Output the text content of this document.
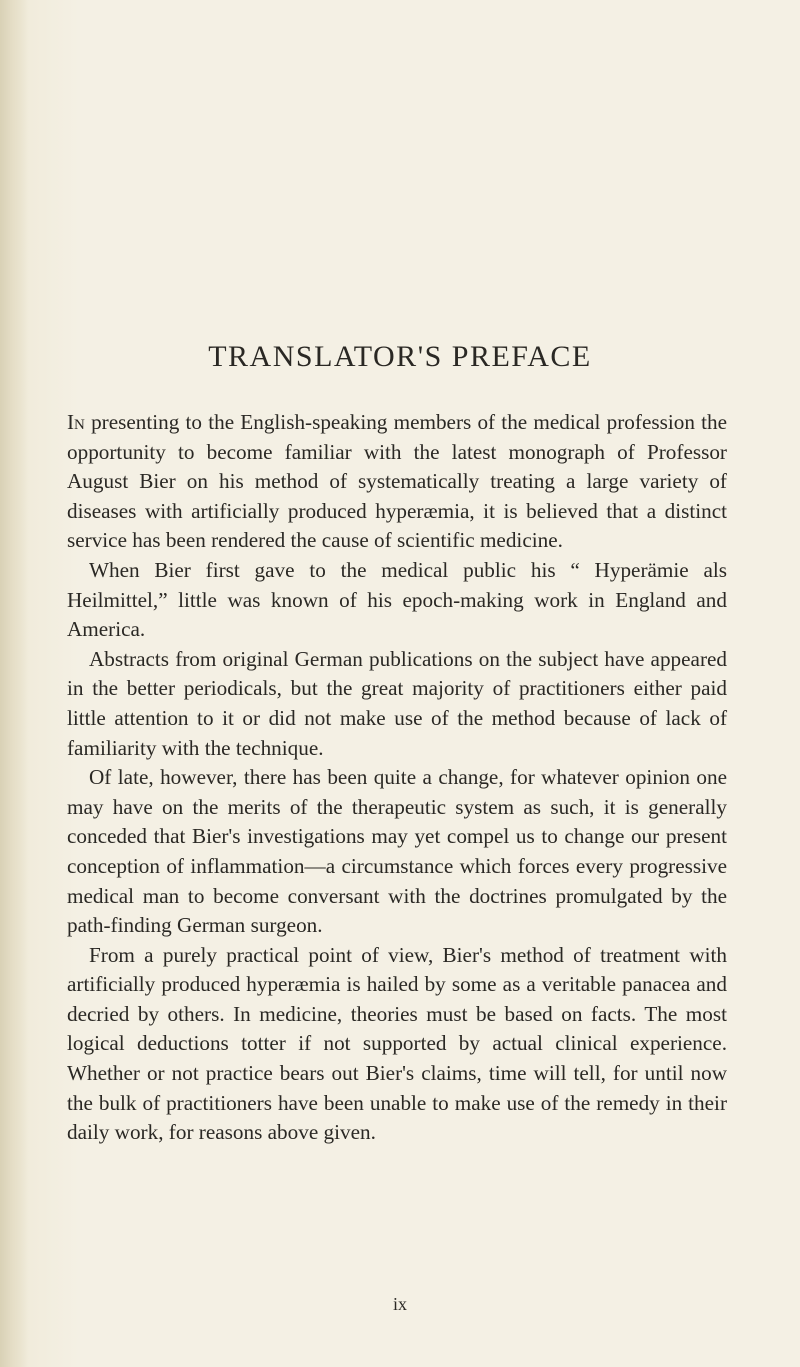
TRANSLATOR'S PREFACE

In presenting to the English-speaking members of the medical profession the opportunity to become familiar with the latest monograph of Professor August Bier on his method of systematically treating a large variety of diseases with artificially produced hyperæmia, it is believed that a distinct service has been rendered the cause of scientific medicine.

When Bier first gave to the medical public his “ Hyperämie als Heilmittel,” little was known of his epoch-making work in England and America.

Abstracts from original German publications on the subject have appeared in the better periodicals, but the great majority of practitioners either paid little attention to it or did not make use of the method because of lack of familiarity with the technique.

Of late, however, there has been quite a change, for whatever opinion one may have on the merits of the therapeutic system as such, it is generally conceded that Bier's investigations may yet compel us to change our present conception of inflammation—a circumstance which forces every progressive medical man to become conversant with the doctrines promulgated by the path-finding German surgeon.

From a purely practical point of view, Bier's method of treatment with artificially produced hyperæmia is hailed by some as a veritable panacea and decried by others. In medicine, theories must be based on facts. The most logical deductions totter if not supported by actual clinical experience. Whether or not practice bears out Bier's claims, time will tell, for until now the bulk of practitioners have been unable to make use of the remedy in their daily work, for reasons above given.

ix
